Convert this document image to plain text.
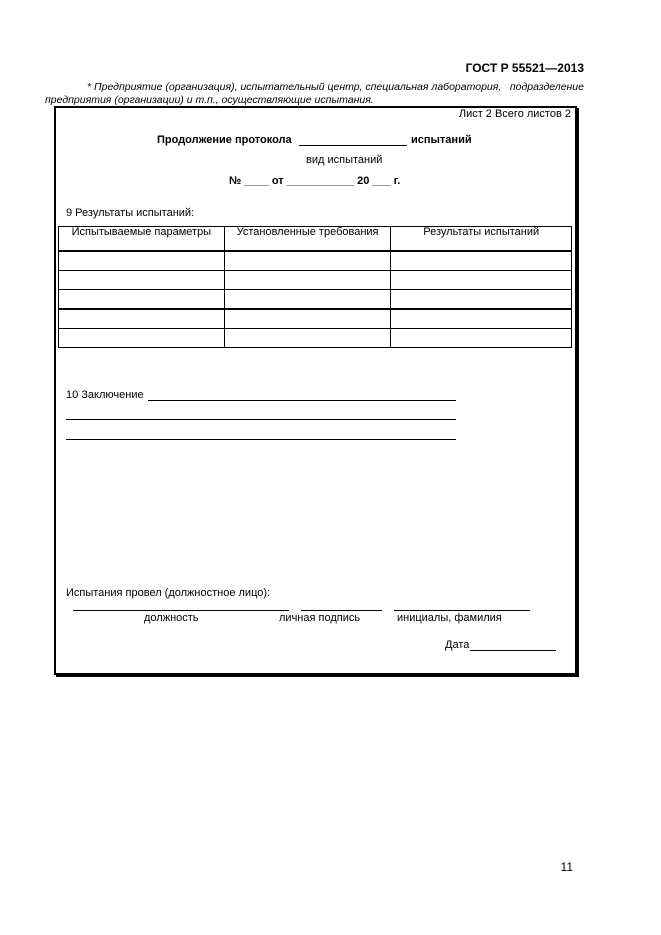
ГОСТ Р 55521—2013
* Предприятие (организация), испытательный центр, специальная лаборатория, подразделение
предприятия (организации) и т.п., осуществляющие испытания.
Лист 2 Всего листов 2
Продолжение протокола	испытаний
вид испытаний
№ ____ от ___________ 20 ___ г.
9 Результаты испытаний:
Испытываемые параметры	Установленные требования	Результаты испытаний

10 Заключение
Испытания провел (должностное лицо):
должность	личная подпись	инициалы, фамилия
Дата
11
